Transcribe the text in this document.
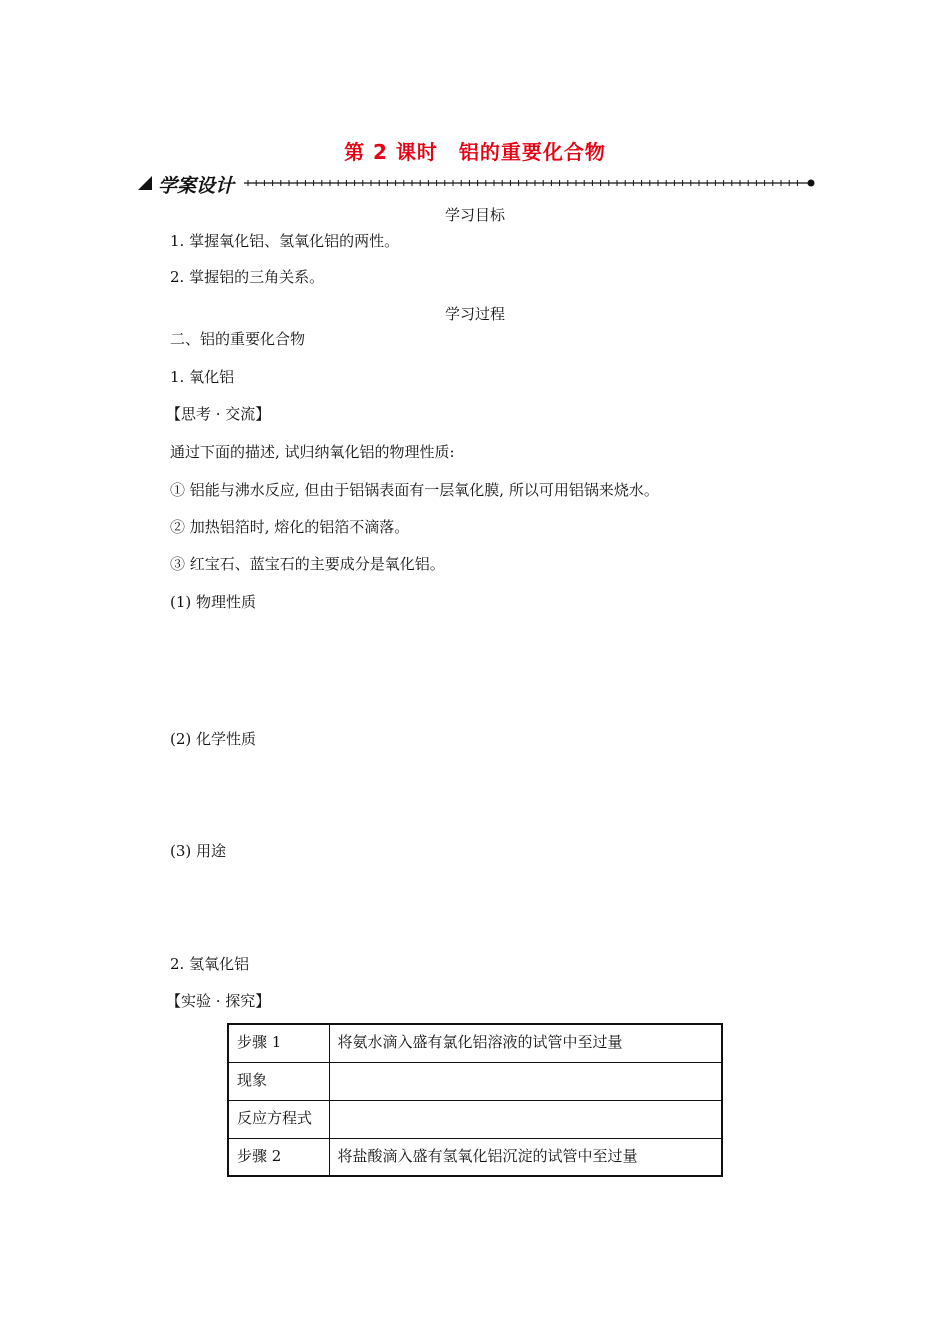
第 2 课时　铝的重要化合物
学案设计
学习目标
1. 掌握氧化铝、氢氧化铝的两性。
2. 掌握铝的三角关系。
学习过程
二、铝的重要化合物
1. 氧化铝
【思考 · 交流】
通过下面的描述, 试归纳氧化铝的物理性质:
① 铝能与沸水反应, 但由于铝锅表面有一层氧化膜, 所以可用铝锅来烧水。
② 加热铝箔时, 熔化的铝箔不滴落。
③ 红宝石、蓝宝石的主要成分是氧化铝。
(1) 物理性质
(2) 化学性质
(3) 用途
2. 氢氧化铝
【实验 · 探究】
步骤 1	将氨水滴入盛有氯化铝溶液的试管中至过量
现象	
反应方程式	
步骤 2	将盐酸滴入盛有氢氧化铝沉淀的试管中至过量
